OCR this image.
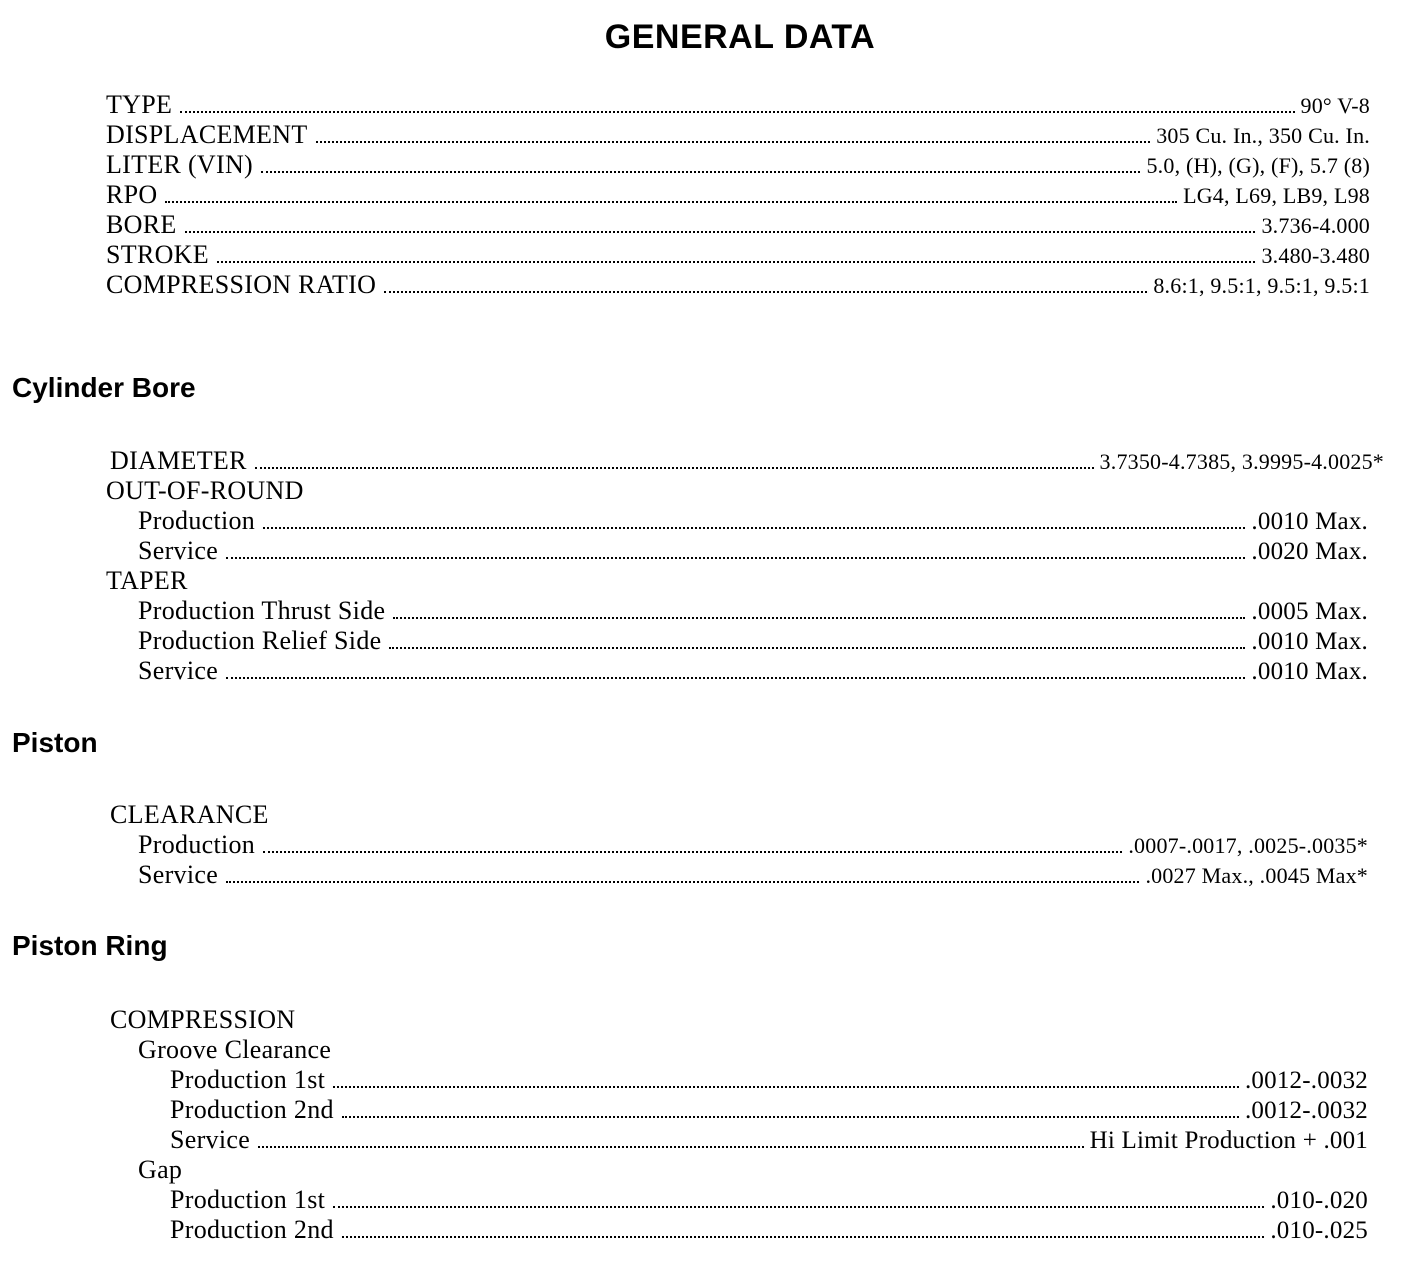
GENERAL DATA
TYPE	90° V-8
DISPLACEMENT	305 Cu. In., 350 Cu. In.
LITER (VIN)	5.0, (H), (G), (F), 5.7 (8)
RPO	LG4, L69, LB9, L98
BORE	3.736-4.000
STROKE	3.480-3.480
COMPRESSION RATIO	8.6:1, 9.5:1, 9.5:1, 9.5:1
Cylinder Bore
DIAMETER	3.7350-4.7385, 3.9995-4.0025*
OUT-OF-ROUND
Production	.0010 Max.
Service	.0020 Max.
TAPER
Production Thrust Side	.0005 Max.
Production Relief Side	.0010 Max.
Service	.0010 Max.
Piston
CLEARANCE
Production	.0007-.0017, .0025-.0035*
Service	.0027 Max., .0045 Max*
Piston Ring
COMPRESSION
Groove Clearance
Production 1st	.0012-.0032
Production 2nd	.0012-.0032
Service	Hi Limit Production + .001
Gap
Production 1st	.010-.020
Production 2nd	.010-.025
